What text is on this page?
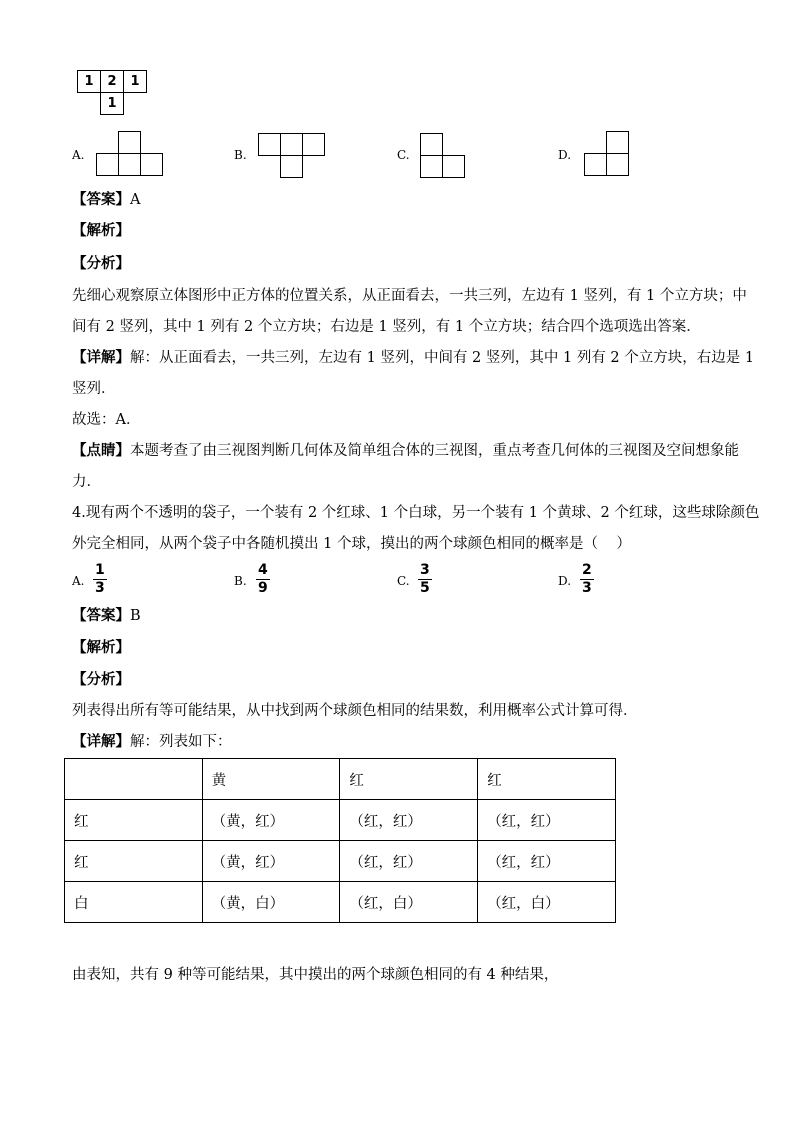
1	2	1
1
A.	B.	C.	D.
【答案】A
【解析】
【分析】
先细心观察原立体图形中正方体的位置关系，从正面看去，一共三列，左边有 1 竖列，有 1 个立方块；中
间有 2 竖列，其中 1 列有 2 个立方块；右边是 1 竖列，有 1 个立方块；结合四个选项选出答案．
【详解】解：从正面看去，一共三列，左边有 1 竖列，中间有 2 竖列，其中 1 列有 2 个立方块，右边是 1
竖列．
故选：A．
【点睛】本题考查了由三视图判断几何体及简单组合体的三视图，重点考查几何体的三视图及空间想象能
力．
4.现有两个不透明的袋子，一个装有 2 个红球、1 个白球，另一个装有 1 个黄球、2 个红球，这些球除颜色
外完全相同，从两个袋子中各随机摸出 1 个球，摸出的两个球颜色相同的概率是（    ）
A. $\frac{1}{3}$	B. $\frac{4}{9}$	C. $\frac{3}{5}$	D. $\frac{2}{3}$
【答案】B
【解析】
【分析】
列表得出所有等可能结果，从中找到两个球颜色相同的结果数，利用概率公式计算可得．
【详解】解：列表如下：
	黄	红	红
红	（黄，红）	（红，红）	（红，红）
红	（黄，红）	（红，红）	（红，红）
白	（黄，白）	（红，白）	（红，白）
由表知，共有 9 种等可能结果，其中摸出的两个球颜色相同的有 4 种结果，
